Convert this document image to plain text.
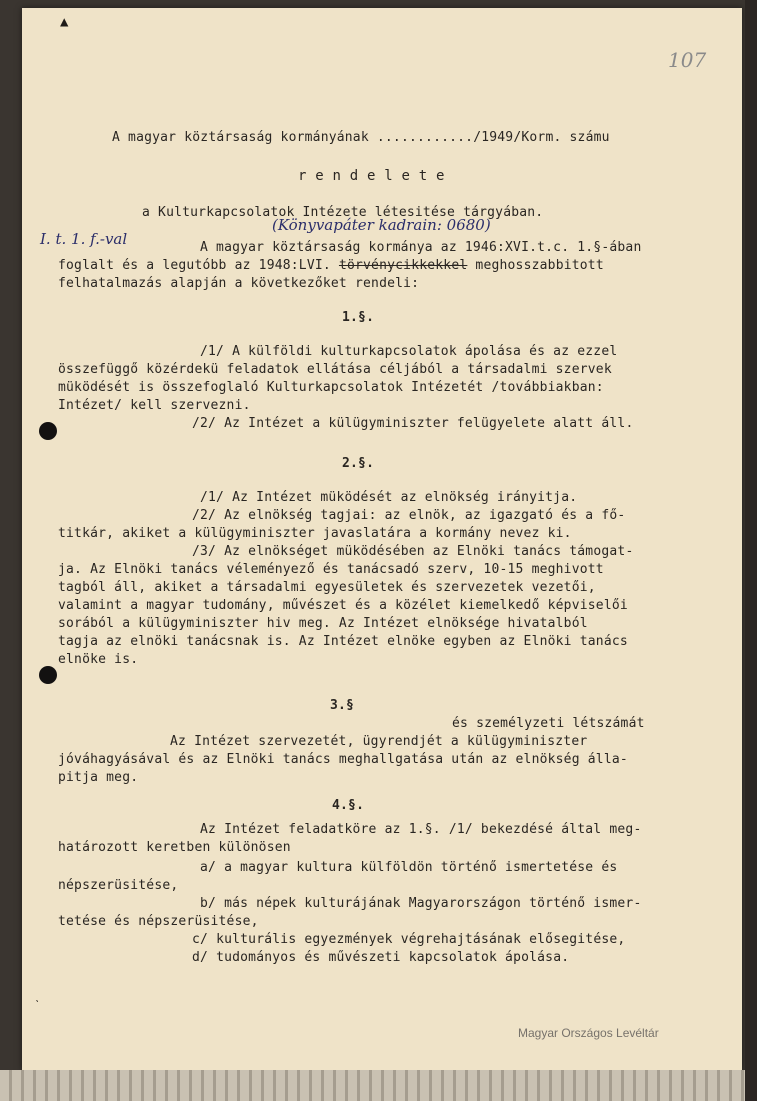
▲
107
A magyar köztársaság kormányának ............/1949/Korm. számu
r e n d e l e t e
a Kulturkapcsolatok Intézete létesitése tárgyában.
I. t. 1. f.-val
(Könyvapáter kadrain: 0680)
A magyar köztársaság kormánya az 1946:XVI.t.c. 1.§-ában
foglalt és a legutóbb az 1948:LVI. törvénycikkekkel meghosszabbitott
felhatalmazás alapján a következőket rendeli:
1.§.
/1/ A külföldi kulturkapcsolatok ápolása és az ezzel
összefüggő közérdekü feladatok ellátása céljából a társadalmi szervek
müködését is összefoglaló Kulturkapcsolatok Intézetét /továbbiakban:
Intézet/ kell szervezni.
/2/ Az Intézet a külügyminiszter felügyelete alatt áll.
2.§.
/1/ Az Intézet müködését az elnökség irányitja.
/2/ Az elnökség tagjai: az elnök, az igazgató és a fő-
titkár, akiket a külügyminiszter javaslatára a kormány nevez ki.
/3/ Az elnökséget müködésében az Elnöki tanács támogat-
ja. Az Elnöki tanács véleményező és tanácsadó szerv, 10-15 meghivott
tagból áll, akiket a társadalmi egyesületek és szervezetek vezetői,
valamint a magyar tudomány, művészet és a közélet kiemelkedő képviselői
sorából a külügyminiszter hiv meg. Az Intézet elnöksége hivatalból
tagja az elnöki tanácsnak is. Az Intézet elnöke egyben az Elnöki tanács
elnöke is.
3.§
és személyzeti létszámát
Az Intézet szervezetét, ügyrendjét a külügyminiszter
jóváhagyásával és az Elnöki tanács meghallgatása után az elnökség álla-
pitja meg.
4.§.
Az Intézet feladatköre az 1.§. /1/ bekezdésé által meg-
határozott keretben különösen
a/ a magyar kultura külföldön történő ismertetése és
népszerüsitése,
b/ más népek kulturájának Magyarországon történő ismer-
tetése és népszerüsitése,
c/ kulturális egyezmények végrehajtásának elősegitése,
d/ tudományos és művészeti kapcsolatok ápolása.
ˋ
Magyar Országos Levéltár
